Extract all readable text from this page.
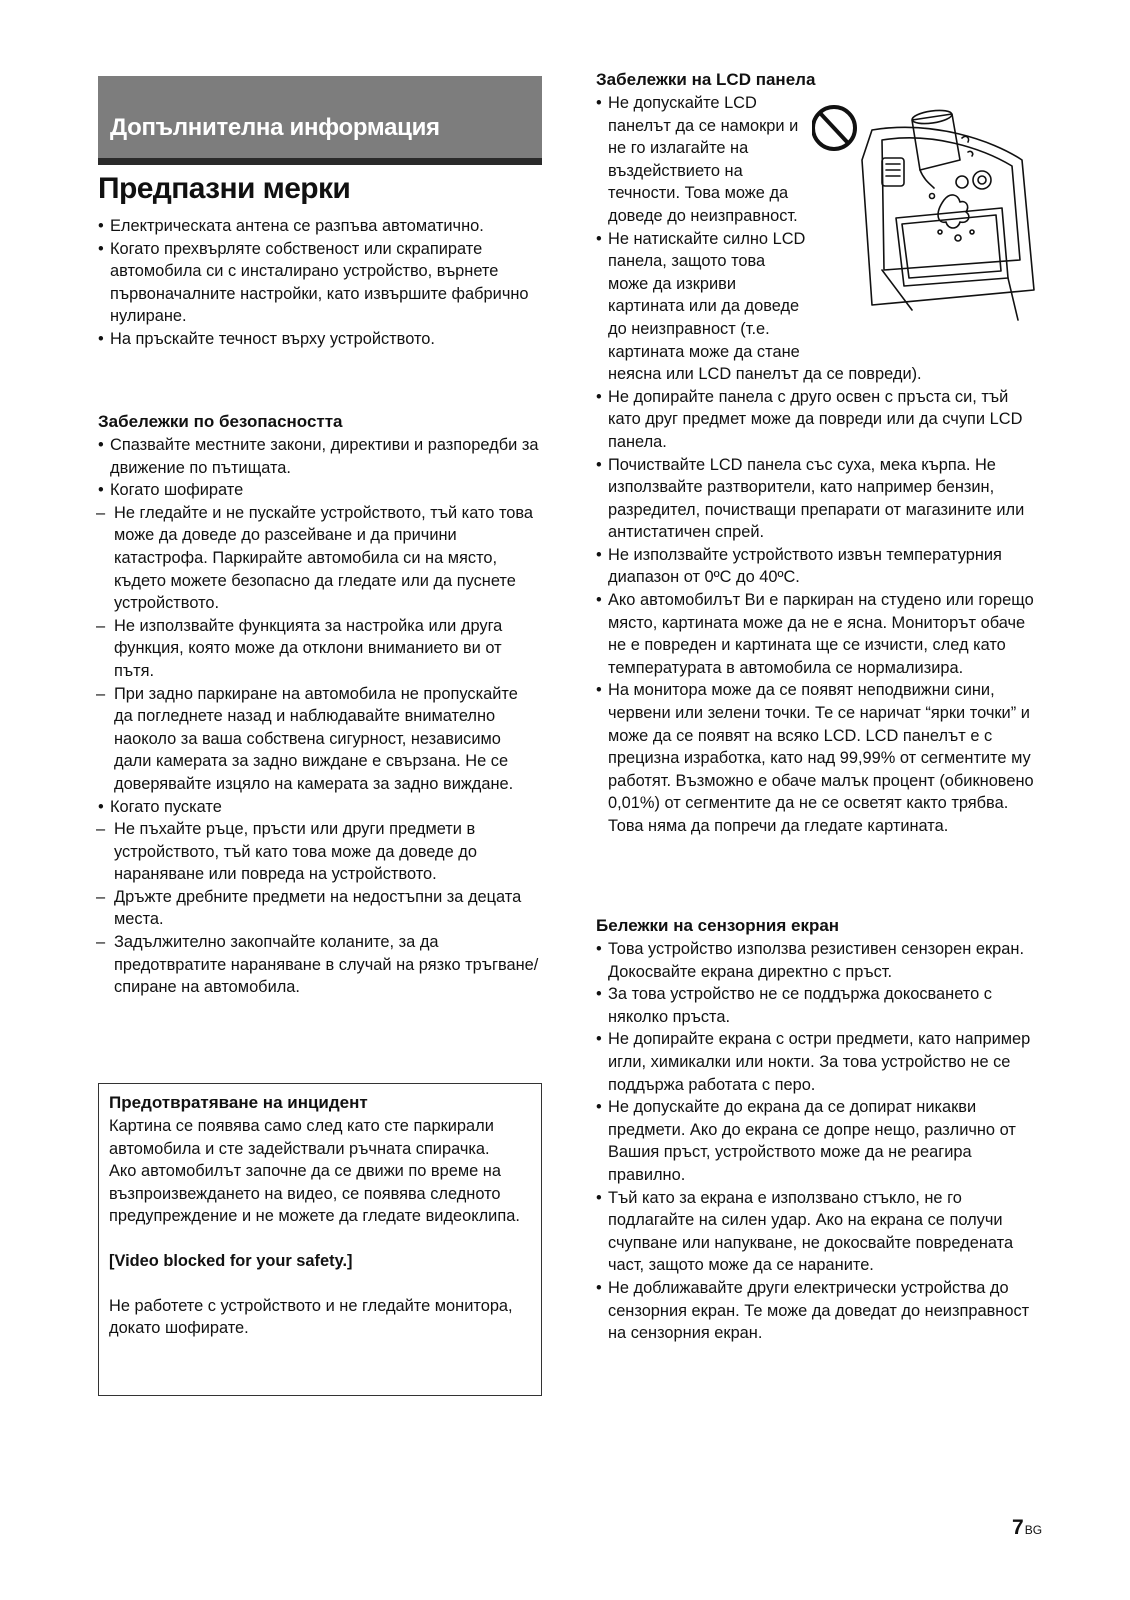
Допълнителна информация
Предпазни мерки
• Електрическата антена се разпъва автоматично.
• Когато прехвърляте собственост или скрапирате автомобила си с инсталирано устройство, върнете първоначалните настройки, като извършите фабрично нулиране.
• На пръскайте течност върху устройството.
Забележки по безопасността
• Спазвайте местните закони, директиви и разпоредби за движение по пътищата.
• Когато шофирате
– Не гледайте и не пускайте устройството, тъй като това може да доведе до разсейване и да причини катастрофа. Паркирайте автомобила си на място, където можете безопасно да гледате или да пуснете устройството.
– Не използвайте функцията за настройка или друга функция, която може да отклони вниманието ви от пътя.
– При задно паркиране на автомобила не пропускайте да погледнете назад и наблюдавайте внимателно наоколо за ваша собствена сигурност, независимо дали камерата за задно виждане е свързана. Не се доверявайте изцяло на камерата за задно виждане.
• Когато пускате
– Не пъхайте ръце, пръсти или други предмети в устройството, тъй като това може да доведе до нараняване или повреда на устройството.
– Дръжте дребните предмети на недостъпни за децата места.
– Задължително закопчайте коланите, за да предотвратите нараняване в случай на рязко тръгване/спиране на автомобила.
Предотвратяване на инцидент

Картина се появява само след като сте паркирали автомобила и сте задействали ръчната спирачка.

Ако автомобилът започне да се движи по време на възпроизвеждането на видео, се появява следното предупреждение и не можете да гледате видеоклипа.

[Video blocked for your safety.]

Не работете с устройството и не гледайте монитора, докато шофирате.

Забележки на LCD панела
• Не допускайте LCD панелът да се намокри и не го излагайте на въздействието на течности. Това може да доведе до неизправност.
• Не натискайте силно LCD панела, защото това може да изкриви картината или да доведе до неизправност (т.е. картината може да стане неясна или LCD панелът да се повреди).
• Не допирайте панела с друго освен с пръста си, тъй като друг предмет може да повреди или да счупи LCD панела.
• Почиствайте LCD панела със суха, мека кърпа. Не използвайте разтворители, като например бензин, разредител, почистващи препарати от магазините или антистатичен спрей.
• Не използвайте устройството извън температурния диапазон от 0ºC до 40ºC.
• Ако автомобилът Ви е паркиран на студено или горещо място, картината може да не е ясна. Мониторът обаче не е повреден и картината ще се изчисти, след като температурата в автомобила се нормализира.
• На монитора може да се появят неподвижни сини, червени или зелени точки. Те се наричат “ярки точки” и може да се появят на всяко LCD. LCD панелът е с прецизна изработка, като над 99,99% от сегментите му работят. Възможно е обаче малък процент (обикновено 0,01%) от сегментите да не се осветят както трябва. Това няма да попречи да гледате картината.
Бележки на сензорния екран
• Това устройство използва резистивен сензорен екран. Докосвайте екрана директно с пръст.
• За това устройство не се поддържа докосването с няколко пръста.
• Не допирайте екрана с остри предмети, като например игли, химикалки или нокти. За това устройство не се поддържа работата с перо.
• Не допускайте до екрана да се допират никакви предмети. Ако до екрана се допре нещо, различно от Вашия пръст, устройството може да не реагира правилно.
• Тъй като за екрана е използвано стъкло, не го подлагайте на силен удар. Ако на екрана се получи счупване или напукване, не докосвайте повредената част, защото може да се нараните.
• Не доближавайте други електрически устройства до сензорния екран. Те може да доведат до неизправност на сензорния екран.
7BG
